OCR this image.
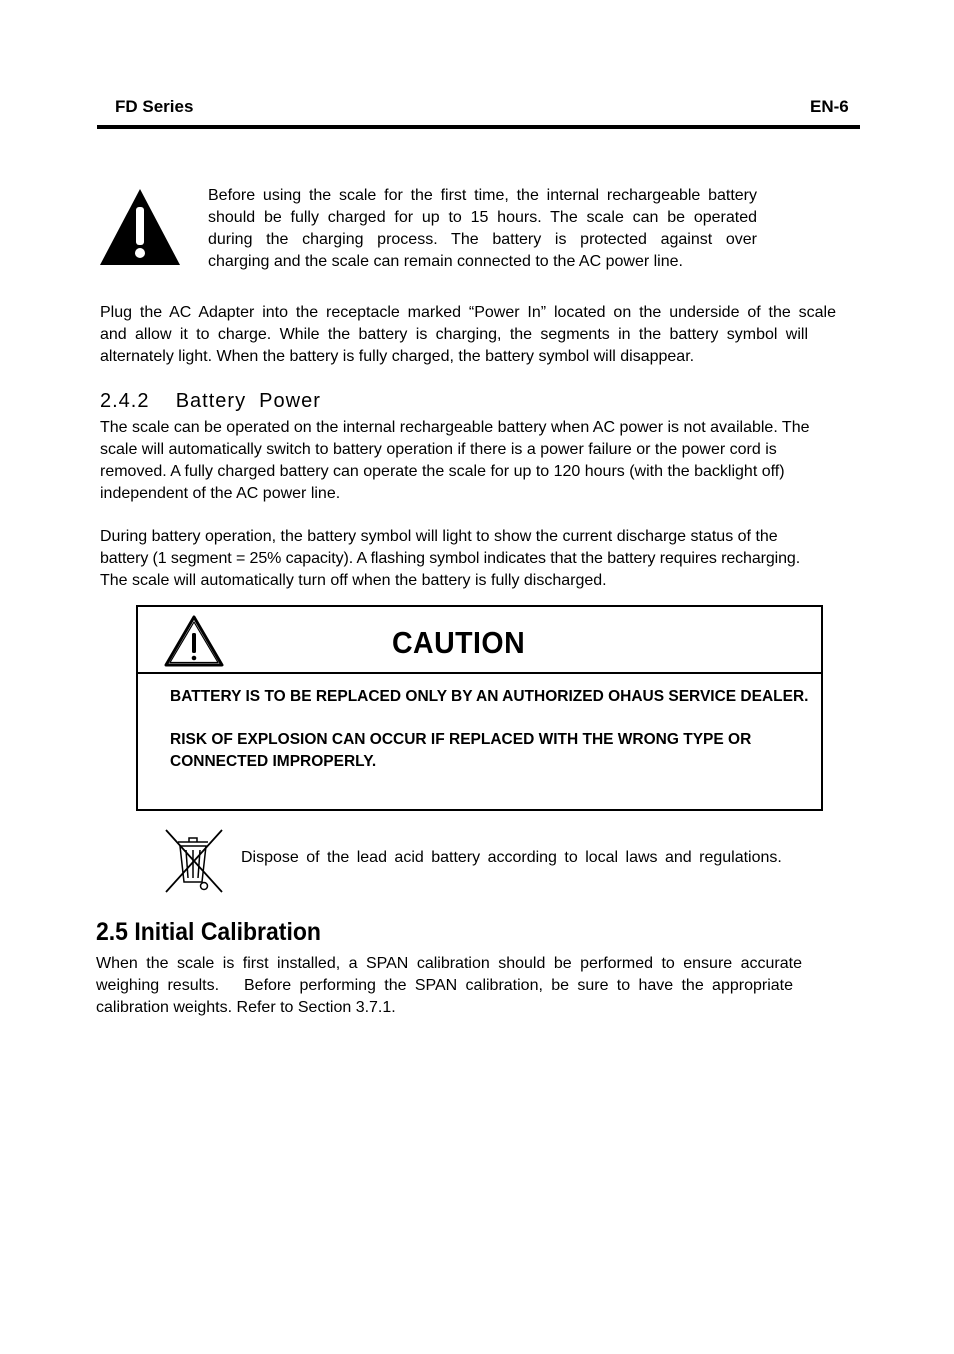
FD Series	EN-6
Before using the scale for the first time, the internal rechargeable battery
should be fully charged for up to 15 hours. The scale can be operated
during the charging process. The battery is protected against over
charging and the scale can remain connected to the AC power line.
Plug the AC Adapter into the receptacle marked “Power In” located on the underside of the scale
and allow it to charge. While the battery is charging, the segments in the battery symbol will
alternately light. When the battery is fully charged, the battery symbol will disappear.
2.4.2    Battery  Power
The scale can be operated on the internal rechargeable battery when AC power is not available. The
scale will automatically switch to battery operation if there is a power failure or the power cord is
removed. A fully charged battery can operate the scale for up to 120 hours (with the backlight off)
independent of the AC power line.
During battery operation, the battery symbol will light to show the current discharge status of the
battery (1 segment = 25% capacity). A flashing symbol indicates that the battery requires recharging.
The scale will automatically turn off when the battery is fully discharged.
CAUTION
BATTERY IS TO BE REPLACED ONLY BY AN AUTHORIZED OHAUS SERVICE DEALER.
RISK OF EXPLOSION CAN OCCUR IF REPLACED WITH THE WRONG TYPE OR
CONNECTED IMPROPERLY.
Dispose of the lead acid battery according to local laws and regulations.
2.5 Initial Calibration
When the scale is first installed, a SPAN calibration should be performed to ensure accurate
weighing results.   Before performing the SPAN calibration, be sure to have the appropriate
calibration weights. Refer to Section 3.7.1.
